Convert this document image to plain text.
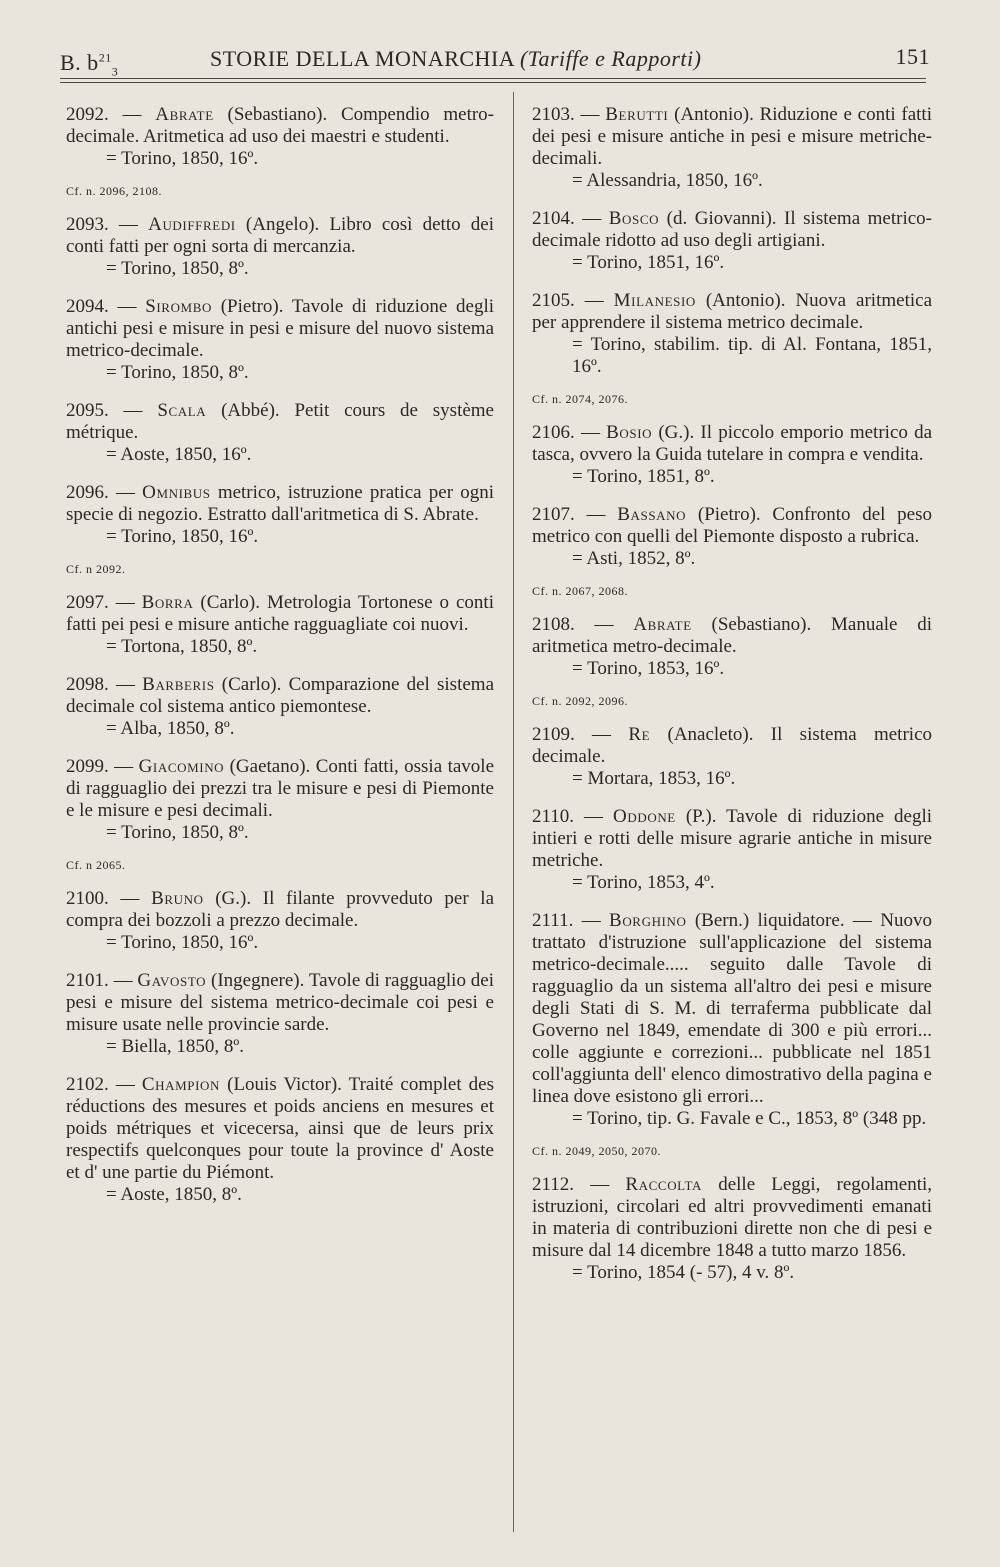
B. $b^{21}_3$
STORIE DELLA MONARCHIA (Tariffe e Rapporti)	151
2092. — Abrate (Sebastiano). Compendio metro-decimale. Aritmetica ad uso dei maestri e studenti.
= Torino, 1850, 16º.
Cf. n. 2096, 2108.
2093. — Audiffredi (Angelo). Libro così detto dei conti fatti per ogni sorta di mercanzia.
= Torino, 1850, 8º.
2094. — Sirombo (Pietro). Tavole di riduzione degli antichi pesi e misure in pesi e misure del nuovo sistema metrico-decimale.
= Torino, 1850, 8º.
2095. — Scala (Abbé). Petit cours de système métrique.
= Aoste, 1850, 16º.
2096. — Omnibus metrico, istruzione pratica per ogni specie di negozio. Estratto dall'aritmetica di S. Abrate.
= Torino, 1850, 16º.
Cf. n 2092.
2097. — Borra (Carlo). Metrologia Tortonese o conti fatti pei pesi e misure antiche ragguagliate coi nuovi.
= Tortona, 1850, 8º.
2098. — Barberis (Carlo). Comparazione del sistema decimale col sistema antico piemontese.
= Alba, 1850, 8º.
2099. — Giacomino (Gaetano). Conti fatti, ossia tavole di ragguaglio dei prezzi tra le misure e pesi di Piemonte e le misure e pesi decimali.
= Torino, 1850, 8º.
Cf. n 2065.
2100. — Bruno (G.). Il filante provveduto per la compra dei bozzoli a prezzo decimale.
= Torino, 1850, 16º.
2101. — Gavosto (Ingegnere). Tavole di ragguaglio dei pesi e misure del sistema metrico-decimale coi pesi e misure usate nelle provincie sarde.
= Biella, 1850, 8º.
2102. — Champion (Louis Victor). Traité complet des réductions des mesures et poids anciens en mesures et poids métriques et vicecersa, ainsi que de leurs prix respectifs quelconques pour toute la province d' Aoste et d' une partie du Piémont.
= Aoste, 1850, 8º.
2103. — Berutti (Antonio). Riduzione e conti fatti dei pesi e misure antiche in pesi e misure metriche-decimali.
= Alessandria, 1850, 16º.
2104. — Bosco (d. Giovanni). Il sistema metrico-decimale ridotto ad uso degli artigiani.
= Torino, 1851, 16º.
2105. — Milanesio (Antonio). Nuova aritmetica per apprendere il sistema metrico decimale.
= Torino, stabilim. tip. di Al. Fontana, 1851, 16º.
Cf. n. 2074, 2076.
2106. — Bosio (G.). Il piccolo emporio metrico da tasca, ovvero la Guida tutelare in compra e vendita.
= Torino, 1851, 8º.
2107. — Bassano (Pietro). Confronto del peso metrico con quelli del Piemonte disposto a rubrica.
= Asti, 1852, 8º.
Cf. n. 2067, 2068.
2108. — Abrate (Sebastiano). Manuale di aritmetica metro-decimale.
= Torino, 1853, 16º.
Cf. n. 2092, 2096.
2109. — Re (Anacleto). Il sistema metrico decimale.
= Mortara, 1853, 16º.
2110. — Oddone (P.). Tavole di riduzione degli intieri e rotti delle misure agrarie antiche in misure metriche.
= Torino, 1853, 4º.
2111. — Borghino (Bern.) liquidatore. — Nuovo trattato d'istruzione sull'applicazione del sistema metrico-decimale..... seguito dalle Tavole di ragguaglio da un sistema all'altro dei pesi e misure degli Stati di S. M. di terraferma pubblicate dal Governo nel 1849, emendate di 300 e più errori... colle aggiunte e correzioni... pubblicate nel 1851 coll'aggiunta dell' elenco dimostrativo della pagina e linea dove esistono gli errori...
= Torino, tip. G. Favale e C., 1853, 8º (348 pp.
Cf. n. 2049, 2050, 2070.
2112. — Raccolta delle Leggi, regolamenti, istruzioni, circolari ed altri provvedimenti emanati in materia di contribuzioni dirette non che di pesi e misure dal 14 dicembre 1848 a tutto marzo 1856.
= Torino, 1854 (- 57), 4 v. 8º.
